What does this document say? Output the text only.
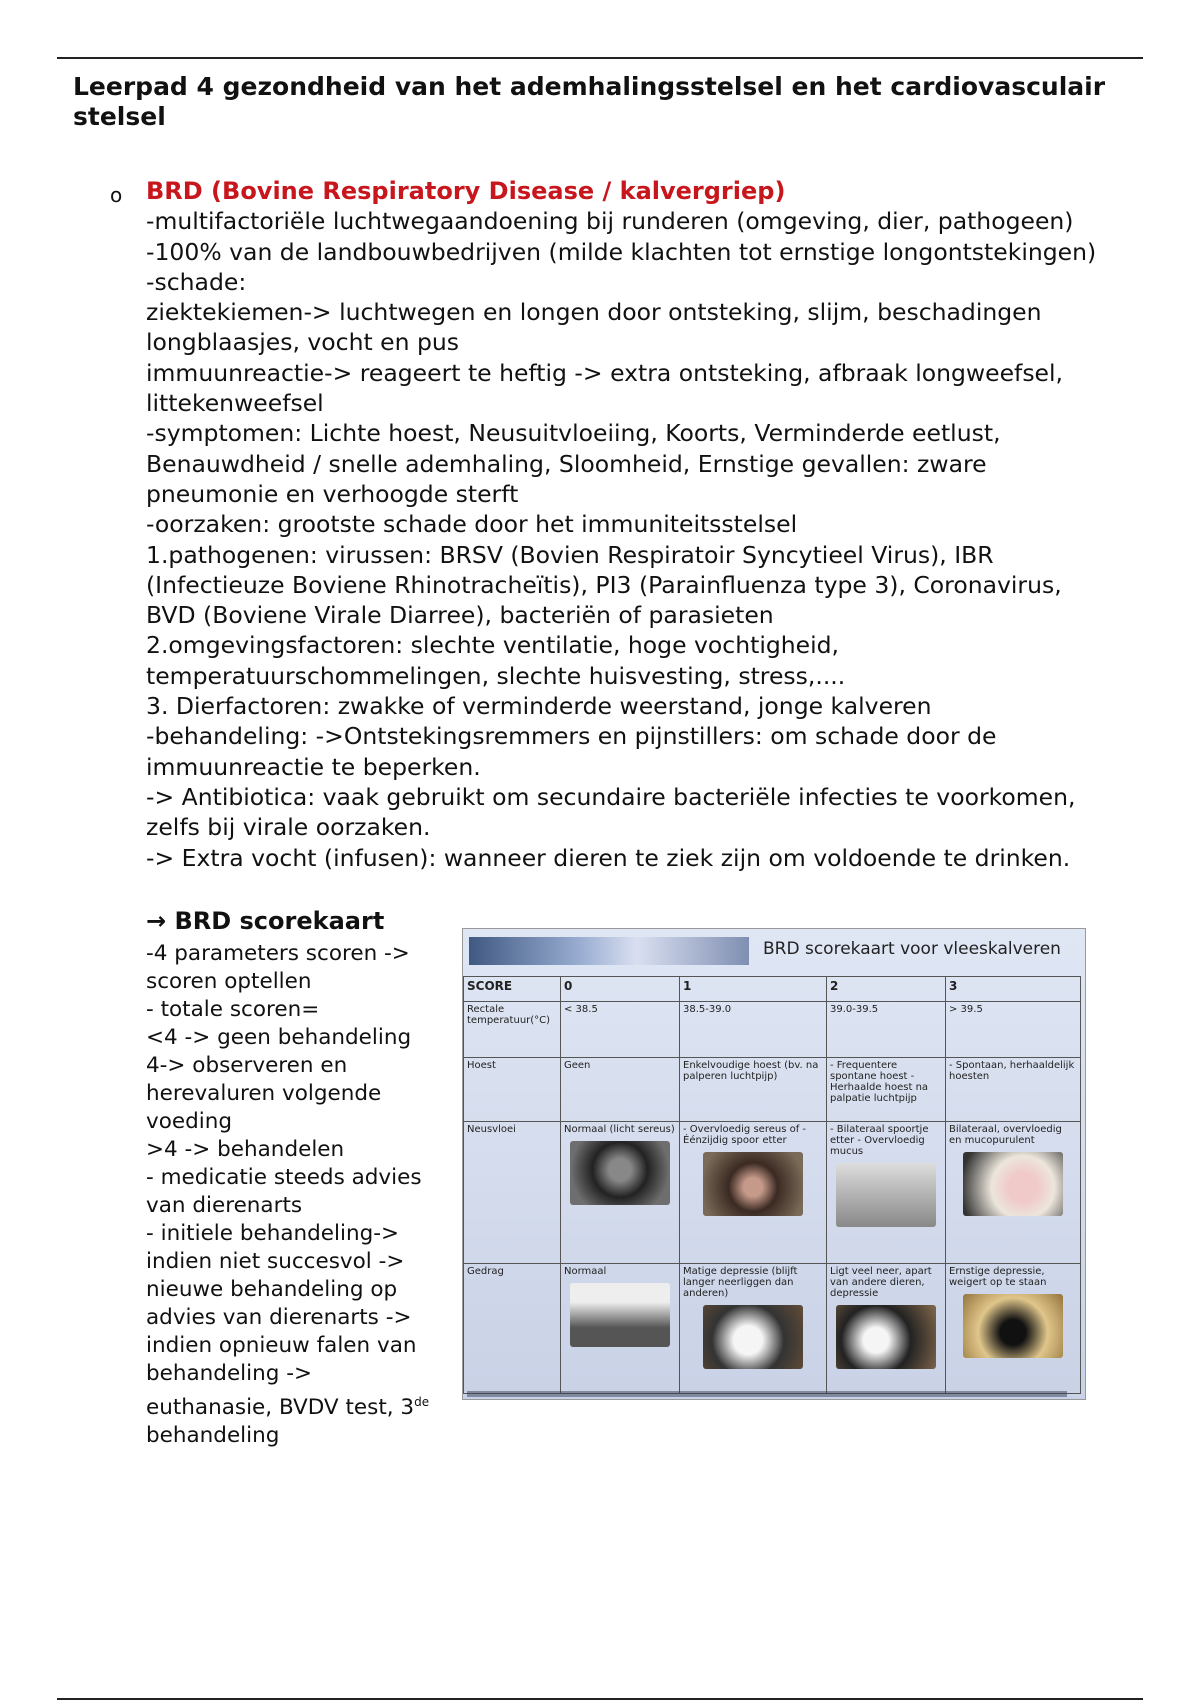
Leerpad 4 gezondheid van het ademhalingsstelsel en het cardiovasculair stelsel
o BRD (Bovine Respiratory Disease / kalvergriep)
-multifactoriële luchtwegaandoening bij runderen (omgeving, dier, pathogeen)
-100% van de landbouwbedrijven (milde klachten tot ernstige longontstekingen)
-schade:
ziektekiemen-> luchtwegen en longen door ontsteking, slijm, beschadingen
longblaasjes, vocht en pus
immuunreactie-> reageert te heftig -> extra ontsteking, afbraak longweefsel,
littekenweefsel
-symptomen: Lichte hoest, Neusuitvloeiing, Koorts, Verminderde eetlust,
Benauwdheid / snelle ademhaling, Sloomheid, Ernstige gevallen: zware
pneumonie en verhoogde sterft
-oorzaken: grootste schade door het immuniteitsstelsel
1.pathogenen: virussen: BRSV (Bovien Respiratoir Syncytieel Virus), IBR
(Infectieuze Boviene Rhinotracheïtis), PI3 (Parainfluenza type 3), Coronavirus,
BVD (Boviene Virale Diarree), bacteriën of parasieten
2.omgevingsfactoren: slechte ventilatie, hoge vochtigheid,
temperatuurschommelingen, slechte huisvesting, stress,....
3. Dierfactoren: zwakke of verminderde weerstand, jonge kalveren
-behandeling: ->Ontstekingsremmers en pijnstillers: om schade door de
immuunreactie te beperken.
-> Antibiotica: vaak gebruikt om secundaire bacteriële infecties te voorkomen,
zelfs bij virale oorzaken.
-> Extra vocht (infusen): wanneer dieren te ziek zijn om voldoende te drinken.
→ BRD scorekaart
-4 parameters scoren ->
scoren optellen
- totale scoren=
<4 -> geen behandeling
4-> observeren en
herevaluren volgende
voeding
>4 -> behandelen
- medicatie steeds advies
van dierenarts
- initiele behandeling->
indien niet succesvol ->
nieuwe behandeling op
advies van dierenarts ->
indien opnieuw falen van
behandeling ->
euthanasie, BVDV test, 3de
behandeling
BRD scorekaart voor vleeskalveren
SCORE	0	1	2	3
Rectale temperatuur(°C)	< 38.5	38.5-39.0	39.0-39.5	> 39.5
Hoest	Geen	Enkelvoudige hoest (bv. na palperen luchtpijp)	- Frequentere spontane hoest - Herhaalde hoest na palpatie luchtpijp	- Spontaan, herhaaldelijk hoesten
Neusvloei	Normaal (licht sereus)	- Overvloedig sereus of - Éénzijdig spoor etter	- Bilateraal spoortje etter - Overvloedig mucus	Bilateraal, overvloedig en mucopurulent

Gedrag	Normaal	Matige depressie (blijft langer neerliggen dan anderen)	Ligt veel neer, apart van andere dieren, depressie	Ernstige depressie, weigert op te staan
